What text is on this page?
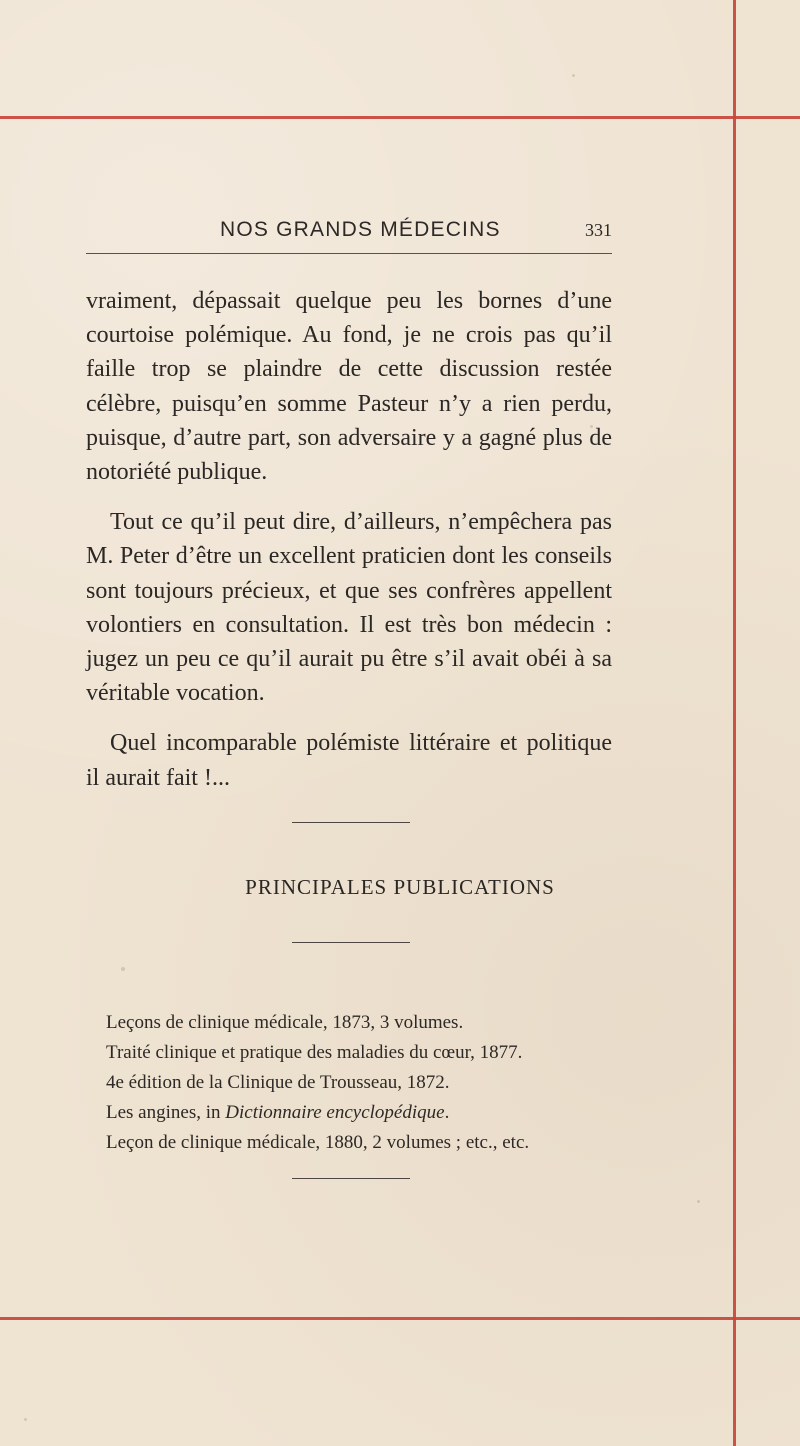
NOS GRANDS MÉDECINS	331

vraiment, dépassait quelque peu les bornes d’une courtoise polémique. Au fond, je ne crois pas qu’il faille trop se plaindre de cette discussion restée célèbre, puisqu’en somme Pasteur n’y a rien perdu, puisque, d’autre part, son adversaire y a gagné plus de notoriété publique.

Tout ce qu’il peut dire, d’ailleurs, n’empêchera pas M. Peter d’être un excellent praticien dont les conseils sont toujours précieux, et que ses confrères appellent volontiers en consultation. Il est très bon médecin : jugez un peu ce qu’il aurait pu être s’il avait obéi à sa véritable vocation.

Quel incomparable polémiste littéraire et politique il aurait fait !...

PRINCIPALES PUBLICATIONS
Leçons de clinique médicale, 1873, 3 volumes.
Traité clinique et pratique des maladies du cœur, 1877.
4e édition de la Clinique de Trousseau, 1872.
Les angines, in Dictionnaire encyclopédique.
Leçon de clinique médicale, 1880, 2 volumes ; etc., etc.
